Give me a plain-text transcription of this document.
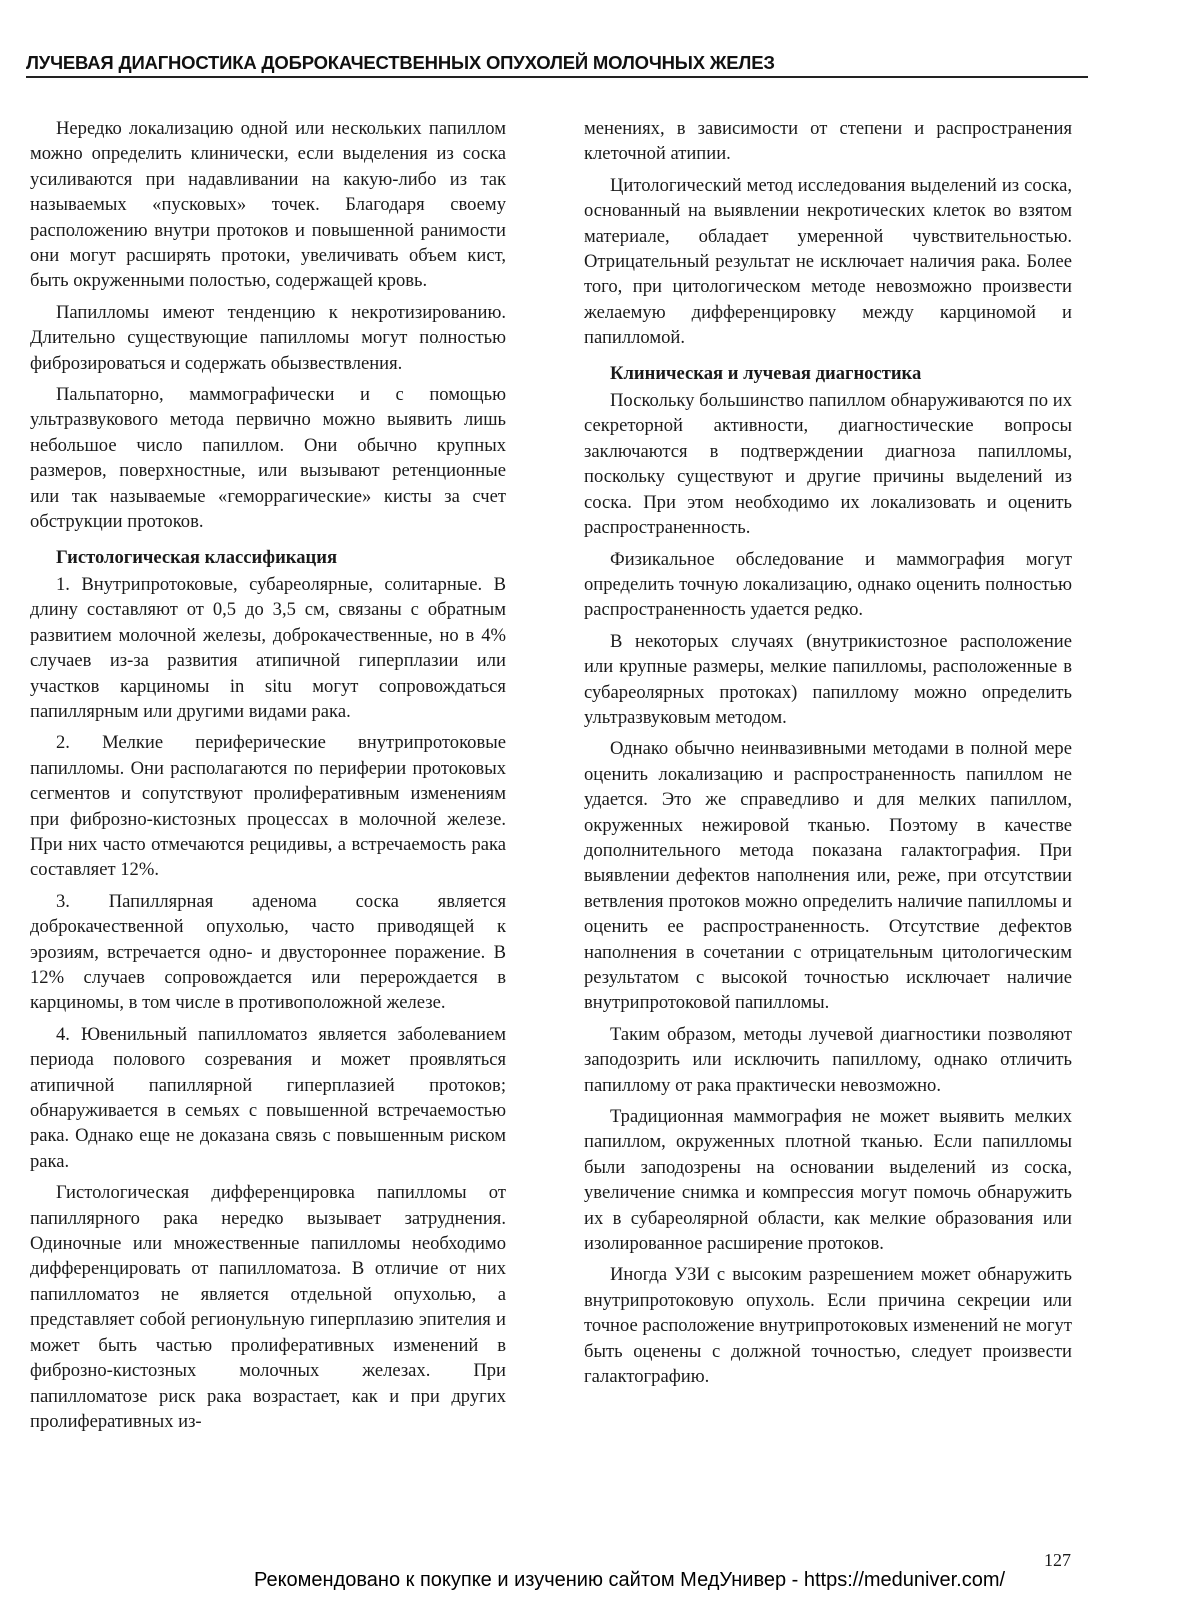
ЛУЧЕВАЯ ДИАГНОСТИКА ДОБРОКАЧЕСТВЕННЫХ ОПУХОЛЕЙ МОЛОЧНЫХ ЖЕЛЕЗ

Нередко локализацию одной или нескольких папиллом можно определить клинически, если выделения из соска усиливаются при надавливании на какую-либо из так называемых «пусковых» точек. Благодаря своему расположению внутри протоков и повышенной ранимости они могут расширять протоки, увеличивать объем кист, быть окруженными полостью, содержащей кровь.

Папилломы имеют тенденцию к некротизированию. Длительно существующие папилломы могут полностью фиброзироваться и содержать обызвествления.

Пальпаторно, маммографически и с помощью ультразвукового метода первично можно выявить лишь небольшое число папиллом. Они обычно крупных размеров, поверхностные, или вызывают ретенционные или так называемые «геморрагические» кисты за счет обструкции протоков.

Гистологическая классификация

1. Внутрипротоковые, субареолярные, солитарные. В длину составляют от 0,5 до 3,5 см, связаны с обратным развитием молочной железы, доброкачественные, но в 4% случаев из-за развития атипичной гиперплазии или участков карциномы in situ могут сопровождаться папиллярным или другими видами рака.

2. Мелкие периферические внутрипротоковые папилломы. Они располагаются по периферии протоковых сегментов и сопутствуют пролиферативным изменениям при фиброзно-кистозных процессах в молочной железе. При них часто отмечаются рецидивы, а встречаемость рака составляет 12%.

3. Папиллярная аденома соска является доброкачественной опухолью, часто приводящей к эрозиям, встречается одно- и двустороннее поражение. В 12% случаев сопровождается или перерождается в карциномы, в том числе в противоположной железе.

4. Ювенильный папилломатоз является заболеванием периода полового созревания и может проявляться атипичной папиллярной гиперплазией протоков; обнаруживается в семьях с повышенной встречаемостью рака. Однако еще не доказана связь с повышенным риском рака.

Гистологическая дифференцировка папилломы от папиллярного рака нередко вызывает затруднения. Одиночные или множественные папилломы необходимо дифференцировать от папилломатоза. В отличие от них папилломатоз не является отдельной опухолью, а представляет собой регионульную гиперплазию эпителия и может быть частью пролиферативных изменений в фиброзно-кистозных молочных железах. При папилломатозе риск рака возрастает, как и при других пролиферативных из-

менениях, в зависимости от степени и распространения клеточной атипии.

Цитологический метод исследования выделений из соска, основанный на выявлении некротических клеток во взятом материале, обладает умеренной чувствительностью. Отрицательный результат не исключает наличия рака. Более того, при цитологическом методе невозможно произвести желаемую дифференцировку между карциномой и папилломой.

Клиническая и лучевая диагностика

Поскольку большинство папиллом обнаруживаются по их секреторной активности, диагностические вопросы заключаются в подтверждении диагноза папилломы, поскольку существуют и другие причины выделений из соска. При этом необходимо их локализовать и оценить распространенность.

Физикальное обследование и маммография могут определить точную локализацию, однако оценить полностью распространенность удается редко.

В некоторых случаях (внутрикистозное расположение или крупные размеры, мелкие папилломы, расположенные в субареолярных протоках) папиллому можно определить ультразвуковым методом.

Однако обычно неинвазивными методами в полной мере оценить локализацию и распространенность папиллом не удается. Это же справедливо и для мелких папиллом, окруженных нежировой тканью. Поэтому в качестве дополнительного метода показана галактография. При выявлении дефектов наполнения или, реже, при отсутствии ветвления протоков можно определить наличие папилломы и оценить ее распространенность. Отсутствие дефектов наполнения в сочетании с отрицательным цитологическим результатом с высокой точностью исключает наличие внутрипротоковой папилломы.

Таким образом, методы лучевой диагностики позволяют заподозрить или исключить папиллому, однако отличить папиллому от рака практически невозможно.

Традиционная маммография не может выявить мелких папиллом, окруженных плотной тканью. Если папилломы были заподозрены на основании выделений из соска, увеличение снимка и компрессия могут помочь обнаружить их в субареолярной области, как мелкие образования или изолированное расширение протоков.

Иногда УЗИ с высоким разрешением может обнаружить внутрипротоковую опухоль. Если причина секреции или точное расположение внутрипротоковых изменений не могут быть оценены с должной точностью, следует произвести галактографию.

127
Рекомендовано к покупке и изучению сайтом МедУнивер - https://meduniver.com/
